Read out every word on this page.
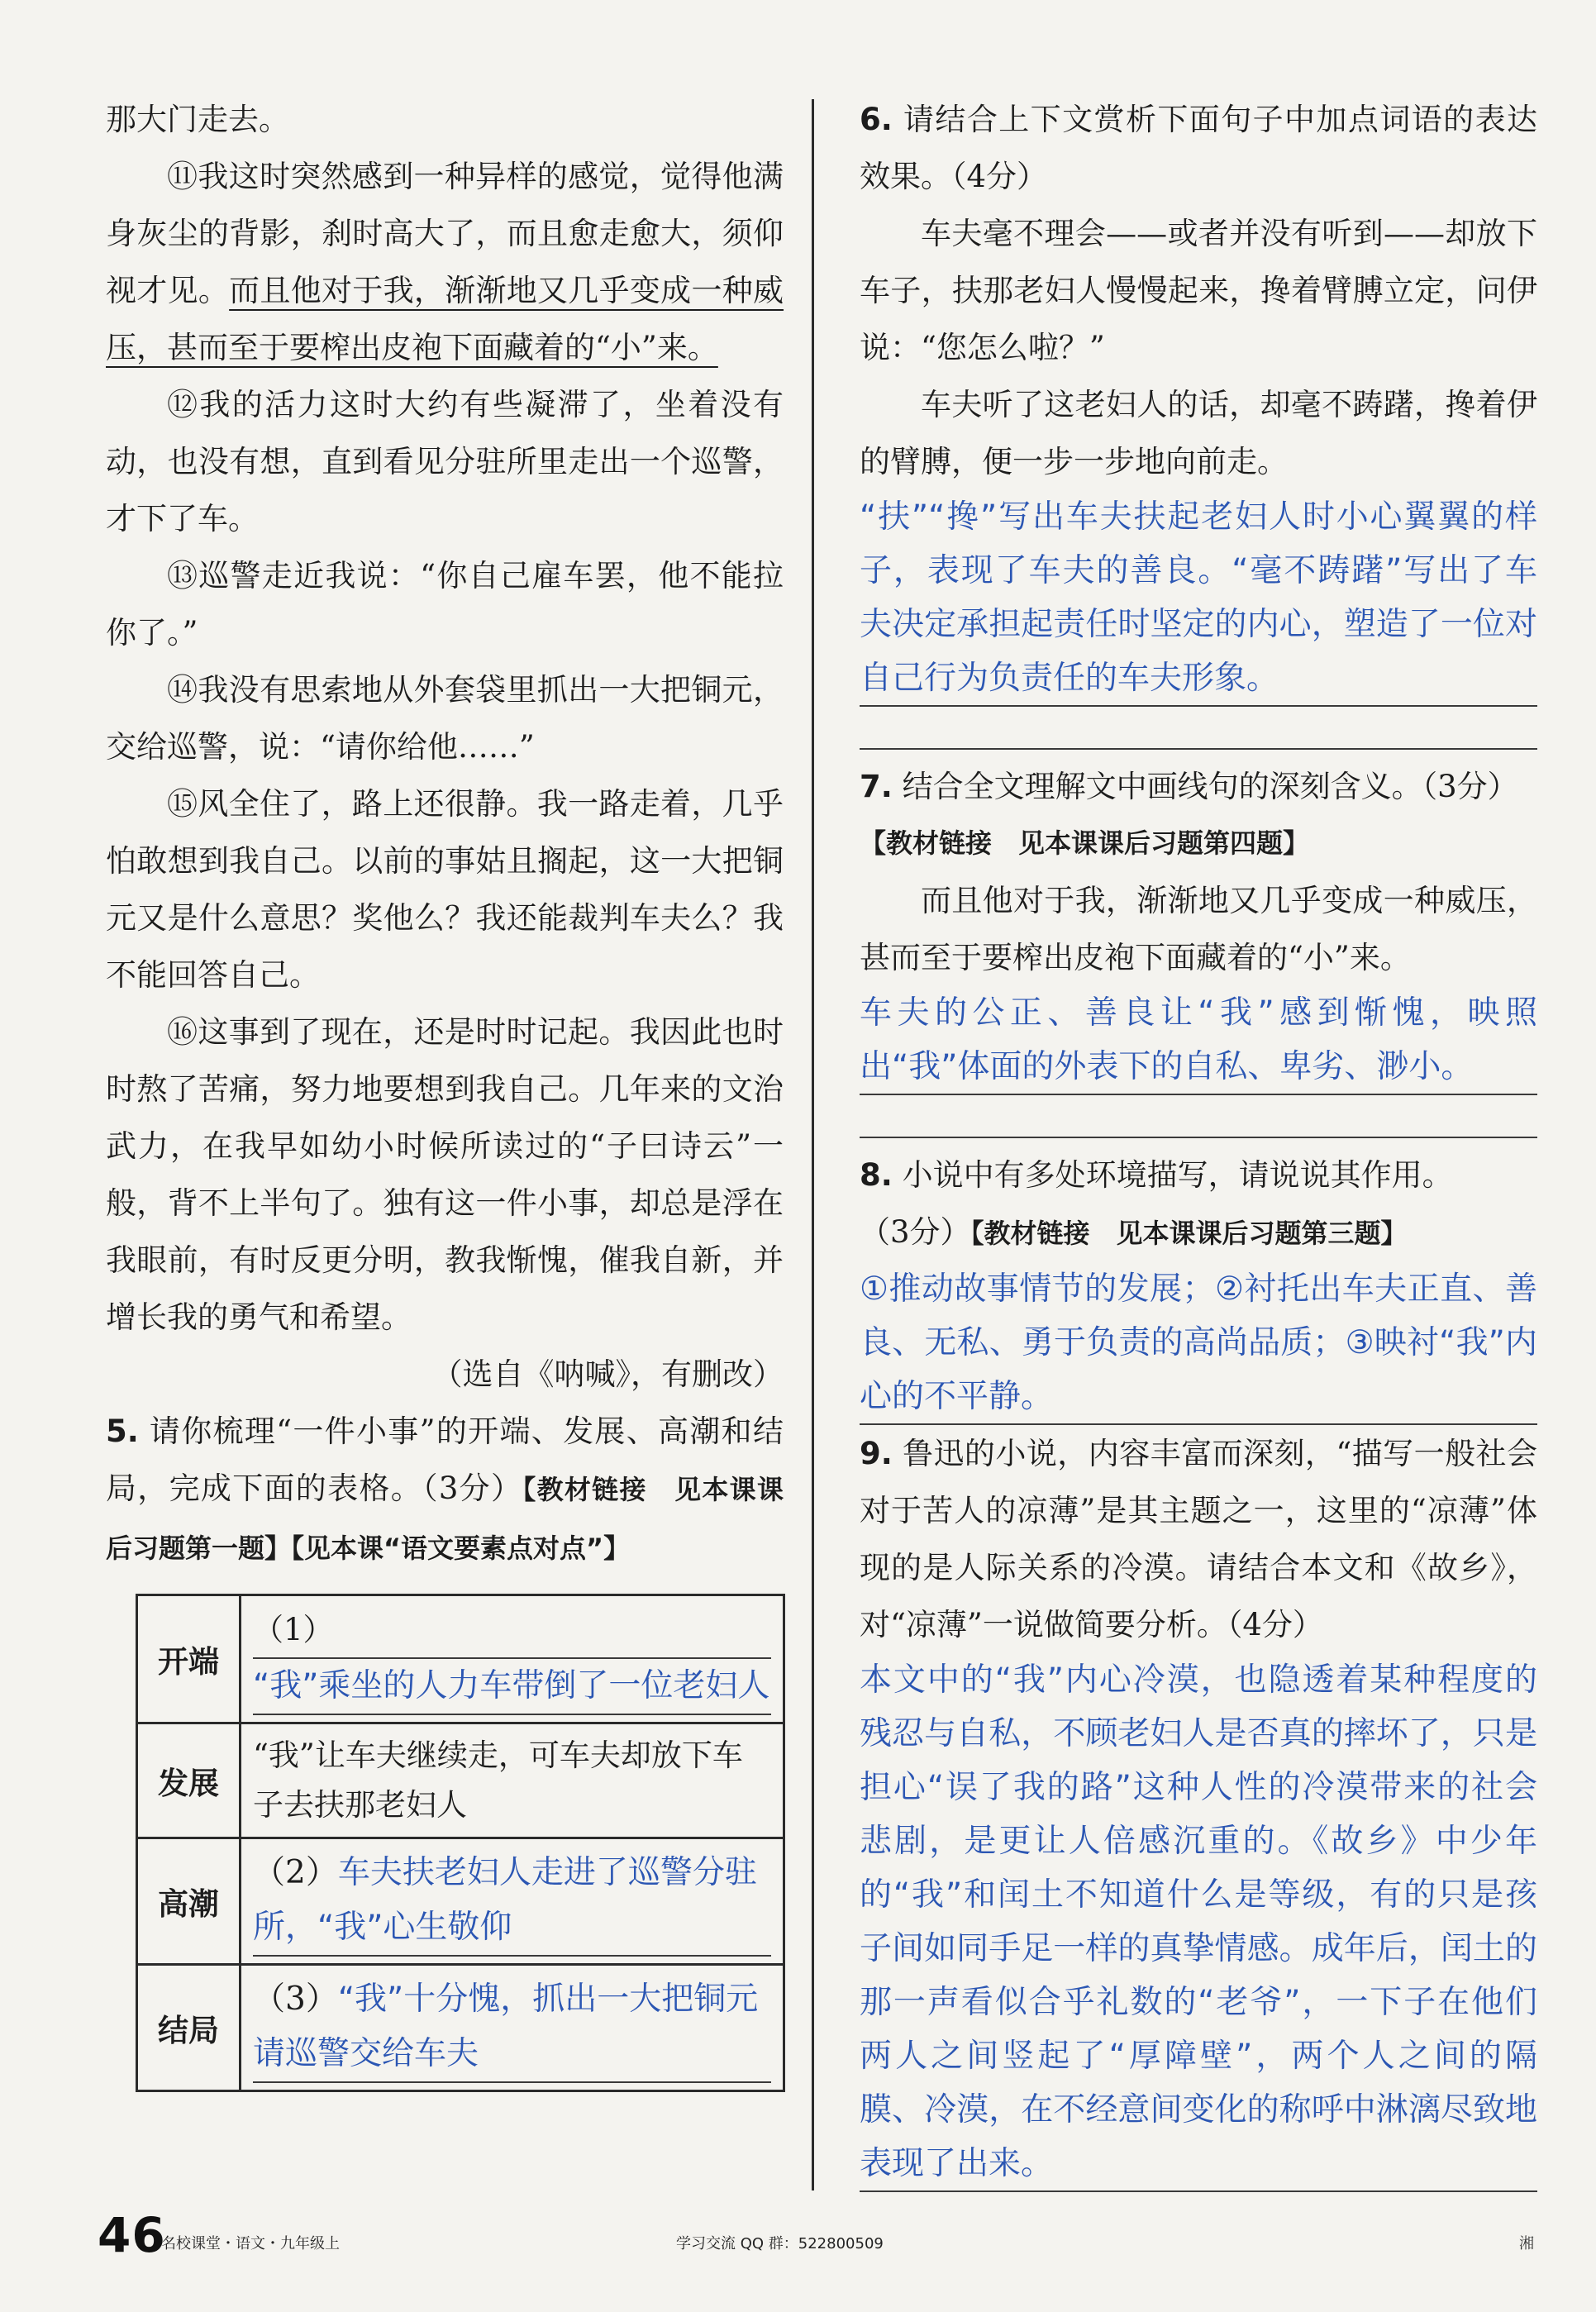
那大门走去。

⑪我这时突然感到一种异样的感觉，觉得他满身灰尘的背影，刹时高大了，而且愈走愈大，须仰视才见。而且他对于我，渐渐地又几乎变成一种威压，甚而至于要榨出皮袍下面藏着的“小”来。

⑫我的活力这时大约有些凝滞了，坐着没有动，也没有想，直到看见分驻所里走出一个巡警，才下了车。

⑬巡警走近我说：“你自己雇车罢，他不能拉你了。”

⑭我没有思索地从外套袋里抓出一大把铜元，交给巡警，说：“请你给他……”

⑮风全住了，路上还很静。我一路走着，几乎怕敢想到我自己。以前的事姑且搁起，这一大把铜元又是什么意思？奖他么？我还能裁判车夫么？我不能回答自己。

⑯这事到了现在，还是时时记起。我因此也时时熬了苦痛，努力地要想到我自己。几年来的文治武力，在我早如幼小时候所读过的“子曰诗云”一般，背不上半句了。独有这一件小事，却总是浮在我眼前，有时反更分明，教我惭愧，催我自新，并增长我的勇气和希望。

（选自《呐喊》，有删改）

5. 请你梳理“一件小事”的开端、发展、高潮和结局，完成下面的表格。（3分）【教材链接　见本课课后习题第一题】【见本课“语文要素点对点”】

开端	（1）
“我”乘坐的人力车带倒了一位老妇人

发展	“我”让车夫继续走，可车夫却放下车子去扶那老妇人

高潮	（2）车夫扶老妇人走进了巡警分驻所，“我”心生敬仰

结局	（3）“我”十分愧，抓出一大把铜元请巡警交给车夫

6. 请结合上下文赏析下面句子中加点词语的表达效果。（4分）

车夫毫不理会——或者并没有听到——却放下车子，扶那老妇人慢慢起来，搀着臂膊立定，问伊说：“您怎么啦？”

车夫听了这老妇人的话，却毫不踌躇，搀着伊的臂膊，便一步一步地向前走。

“扶”“搀”写出车夫扶起老妇人时小心翼翼的样子，表现了车夫的善良。“毫不踌躇”写出了车夫决定承担起责任时坚定的内心，塑造了一位对自己行为负责任的车夫形象。

7. 结合全文理解文中画线句的深刻含义。（3分）

【教材链接　见本课课后习题第四题】

而且他对于我，渐渐地又几乎变成一种威压，甚而至于要榨出皮袍下面藏着的“小”来。

车夫的公正、善良让“我”感到惭愧，映照出“我”体面的外表下的自私、卑劣、渺小。

8. 小说中有多处环境描写，请说说其作用。

（3分）【教材链接　见本课课后习题第三题】

①推动故事情节的发展；②衬托出车夫正直、善良、无私、勇于负责的高尚品质；③映衬“我”内心的不平静。

9. 鲁迅的小说，内容丰富而深刻，“描写一般社会对于苦人的凉薄”是其主题之一，这里的“凉薄”体现的是人际关系的冷漠。请结合本文和《故乡》，对“凉薄”一说做简要分析。（4分）

本文中的“我”内心冷漠，也隐透着某种程度的残忍与自私，不顾老妇人是否真的摔坏了，只是担心“误了我的路”这种人性的冷漠带来的社会悲剧，是更让人倍感沉重的。《故乡》中少年的“我”和闰土不知道什么是等级，有的只是孩子间如同手足一样的真挚情感。成年后，闰土的那一声看似合乎礼数的“老爷”，一下子在他们两人之间竖起了“厚障壁”，两个人之间的隔膜、冷漠，在不经意间变化的称呼中淋漓尽致地表现了出来。

46
名校课堂・语文・九年级上	学习交流 QQ 群：522800509	湘
